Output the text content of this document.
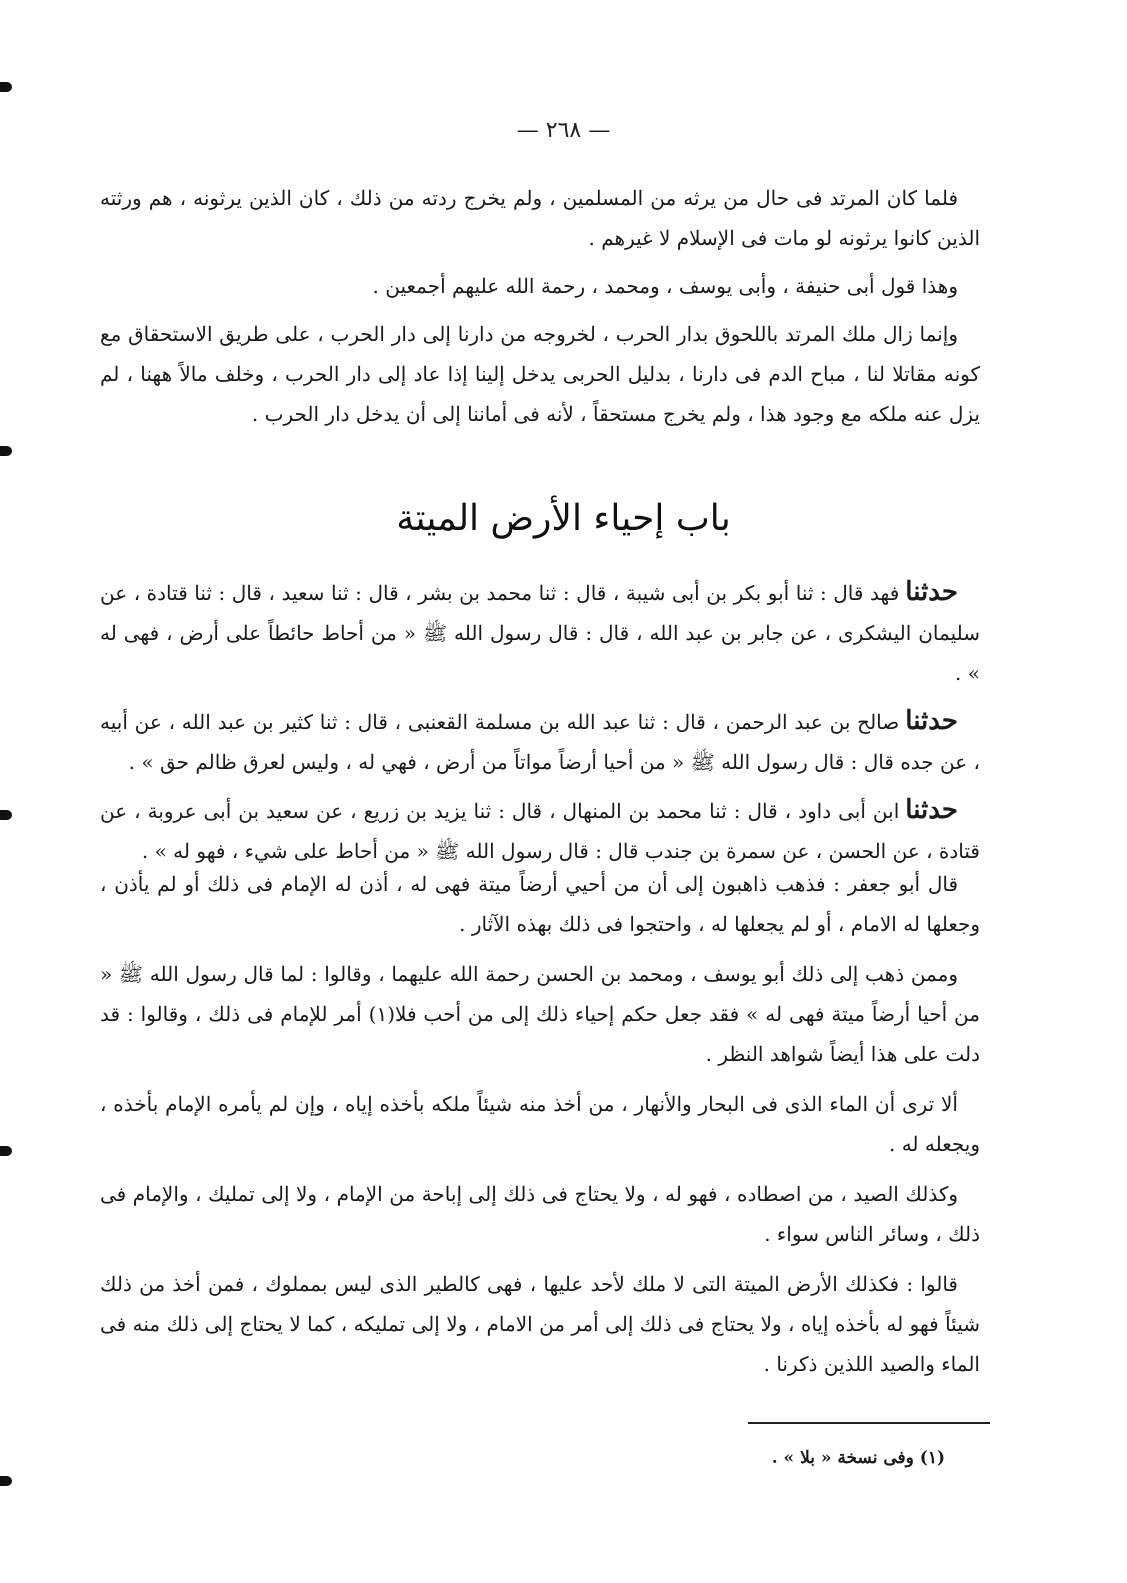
— ٢٦٨ —

فلما كان المرتد فى حال من يرثه من المسلمين ، ولم يخرج ردته من ذلك ، كان الذين يرثونه ، هم ورثته الذين كانوا يرثونه لو مات فى الإسلام لا غيرهم .

وهذا قول أبى حنيفة ، وأبى يوسف ، ومحمد ، رحمة الله عليهم أجمعين .

وإنما زال ملك المرتد باللحوق بدار الحرب ، لخروجه من دارنا إلى دار الحرب ، على طريق الاستحقاق مع كونه مقاتلا لنا ، مباح الدم فى دارنا ، بدليل الحربى يدخل إلينا إذا عاد إلى دار الحرب ، وخلف مالاً ههنا ، لم يزل عنه ملكه مع وجود هذا ، ولم يخرج مستحقاً ، لأنه فى أماننا إلى أن يدخل دار الحرب .

باب إحياء الأرض الميتة

حدثنافهد قال : ثنا أبو بكر بن أبى شيبة ، قال : ثنا محمد بن بشر ، قال : ثنا سعيد ، قال : ثنا قتادة ، عن سليمان اليشكرى ، عن جابر بن عبد الله ، قال : قال رسول الله ﷺ « من أحاط حائطاً على أرض ، فهى له » .

حدثناصالح بن عبد الرحمن ، قال : ثنا عبد الله بن مسلمة القعنبى ، قال : ثنا كثير بن عبد الله ، عن أبيه ، عن جده قال : قال رسول الله ﷺ « من أحيا أرضاً مواتاً من أرض ، فهي له ، وليس لعرق ظالم حق » .

حدثناابن أبى داود ، قال : ثنا محمد بن المنهال ، قال : ثنا يزيد بن زريع ، عن سعيد بن أبى عروبة ، عن قتادة ، عن الحسن ، عن سمرة بن جندب قال : قال رسول الله ﷺ « من أحاط على شيء ، فهو له » .

قال أبو جعفر : فذهب ذاهبون إلى أن من أحيي أرضاً ميتة فهى له ، أذن له الإمام فى ذلك أو لم يأذن ، وجعلها له الامام ، أو لم يجعلها له ، واحتجوا فى ذلك بهذه الآثار .

وممن ذهب إلى ذلك أبو يوسف ، ومحمد بن الحسن رحمة الله عليهما ، وقالوا : لما قال رسول الله ﷺ « من أحيا أرضاً ميتة فهى له » فقد جعل حكم إحياء ذلك إلى من أحب فلا(١) أمر للإمام فى ذلك ، وقالوا : قد دلت على هذا أيضاً شواهد النظر .

ألا ترى أن الماء الذى فى البحار والأنهار ، من أخذ منه شيئاً ملكه بأخذه إياه ، وإن لم يأمره الإمام بأخذه ، ويجعله له .

وكذلك الصيد ، من اصطاده ، فهو له ، ولا يحتاج فى ذلك إلى إباحة من الإمام ، ولا إلى تمليك ، والإمام فى ذلك ، وسائر الناس سواء .

قالوا : فكذلك الأرض الميتة التى لا ملك لأحد عليها ، فهى كالطير الذى ليس بمملوك ، فمن أخذ من ذلك شيئاً فهو له بأخذه إياه ، ولا يحتاج فى ذلك إلى أمر من الامام ، ولا إلى تمليكه ، كما لا يحتاج إلى ذلك منه فى الماء والصيد اللذين ذكرنا .

(١) وفى نسخة « بلا » .
